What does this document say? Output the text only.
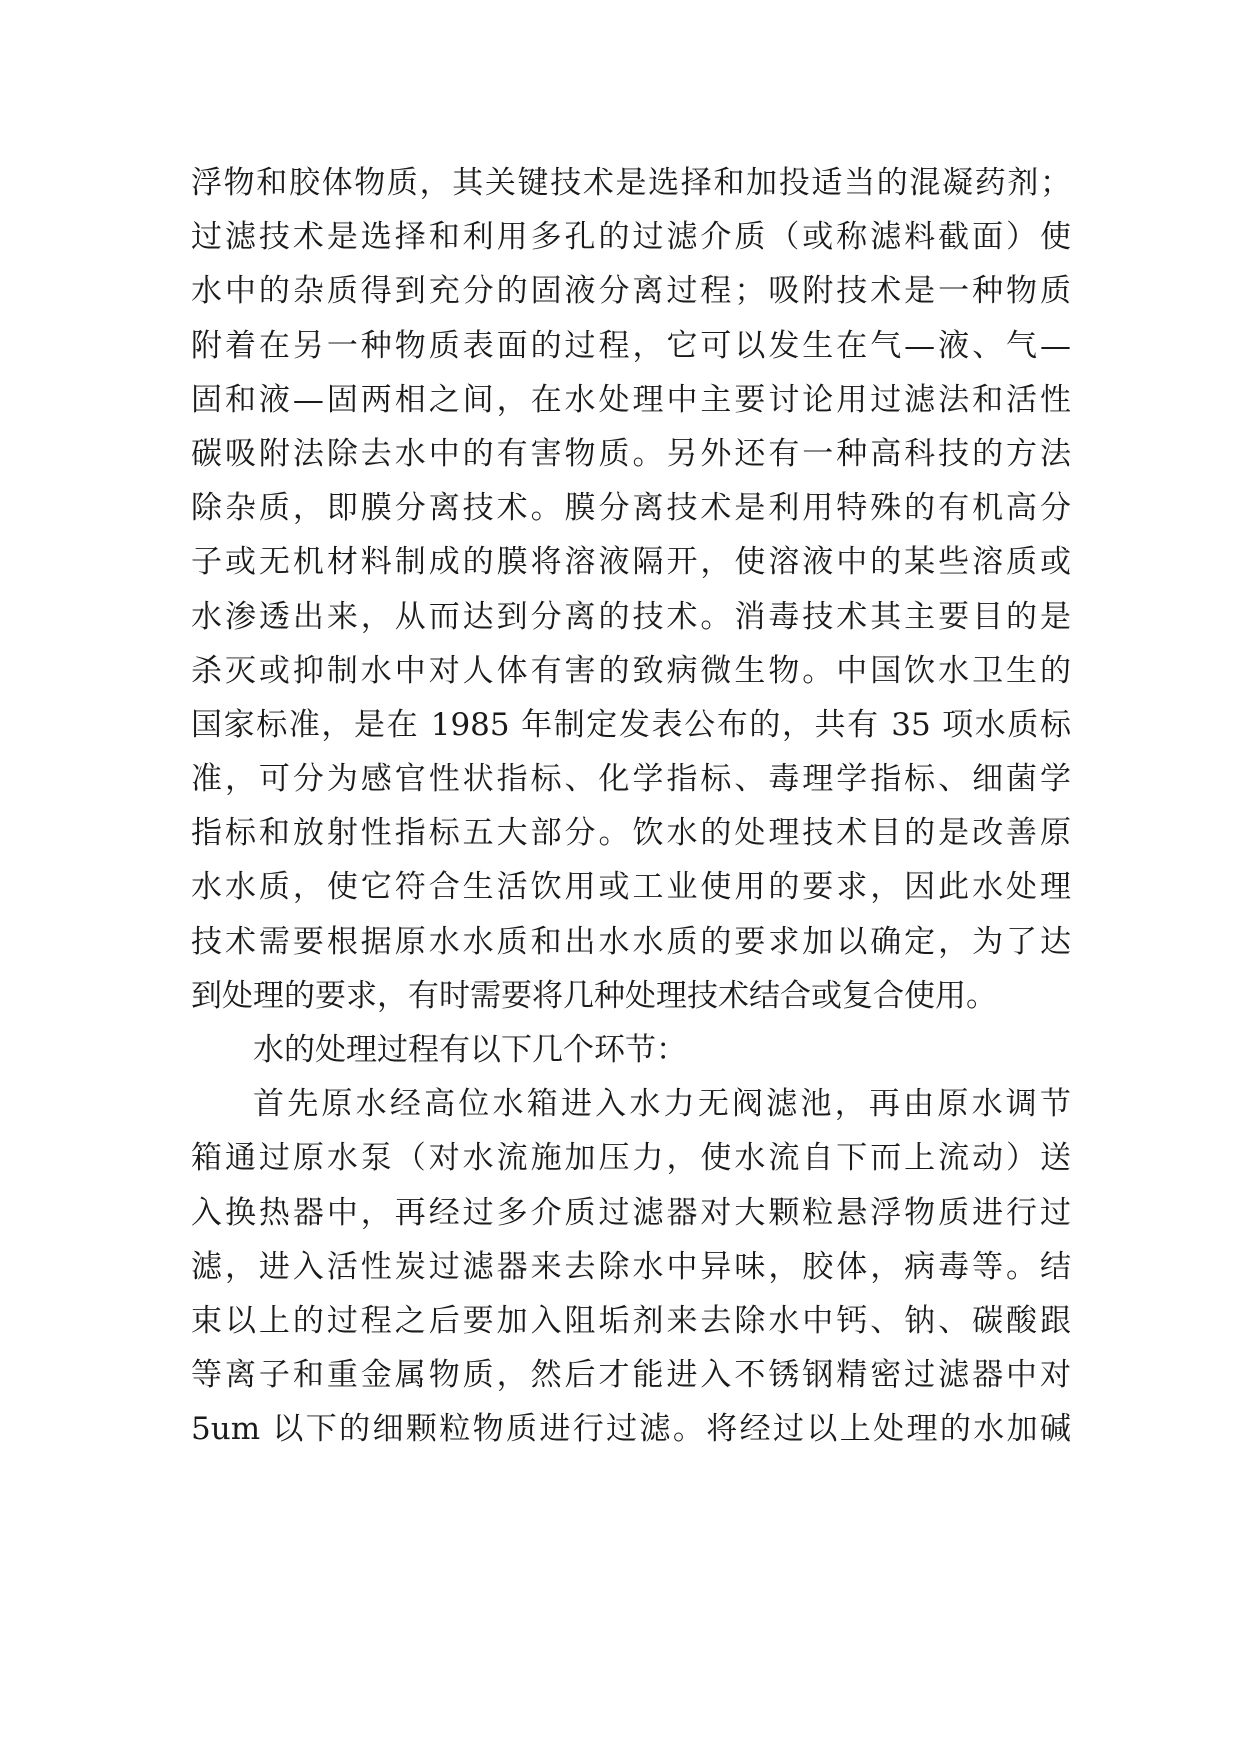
浮物和胶体物质，其关键技术是选择和加投适当的混凝药剂；
过滤技术是选择和利用多孔的过滤介质（或称滤料截面）使
水中的杂质得到充分的固液分离过程；吸附技术是一种物质
附着在另一种物质表面的过程，它可以发生在气—液、气—
固和液—固两相之间，在水处理中主要讨论用过滤法和活性
碳吸附法除去水中的有害物质。另外还有一种高科技的方法
除杂质，即膜分离技术。膜分离技术是利用特殊的有机高分
子或无机材料制成的膜将溶液隔开，使溶液中的某些溶质或
水渗透出来，从而达到分离的技术。消毒技术其主要目的是
杀灭或抑制水中对人体有害的致病微生物。中国饮水卫生的
国家标准，是在 1985 年制定发表公布的，共有 35 项水质标
准，可分为感官性状指标、化学指标、毒理学指标、细菌学
指标和放射性指标五大部分。饮水的处理技术目的是改善原
水水质，使它符合生活饮用或工业使用的要求，因此水处理
技术需要根据原水水质和出水水质的要求加以确定，为了达
到处理的要求，有时需要将几种处理技术结合或复合使用。
水的处理过程有以下几个环节：
首先原水经高位水箱进入水力无阀滤池，再由原水调节
箱通过原水泵（对水流施加压力，使水流自下而上流动）送
入换热器中，再经过多介质过滤器对大颗粒悬浮物质进行过
滤，进入活性炭过滤器来去除水中异味，胶体，病毒等。结
束以上的过程之后要加入阻垢剂来去除水中钙、钠、碳酸跟
等离子和重金属物质，然后才能进入不锈钢精密过滤器中对
5um 以下的细颗粒物质进行过滤。将经过以上处理的水加碱
